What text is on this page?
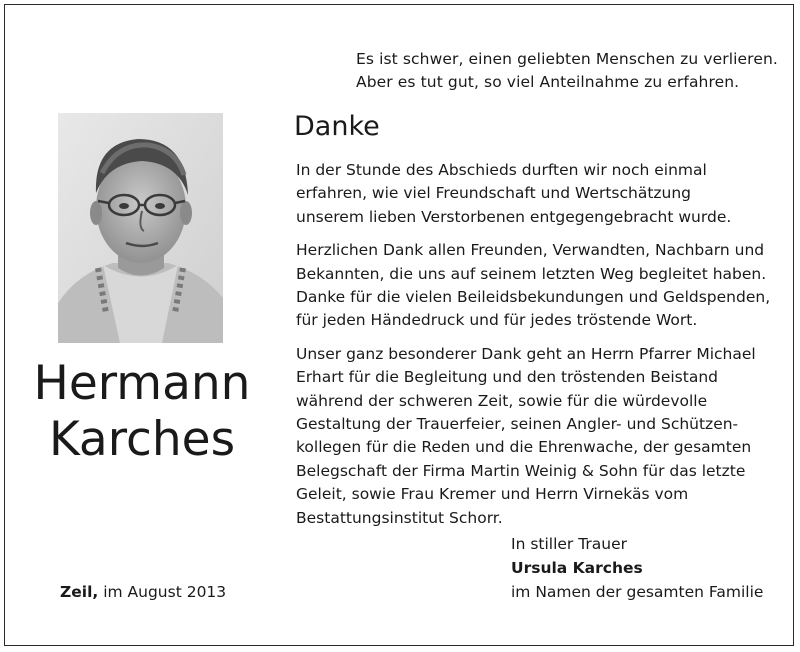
Es ist schwer, einen geliebten Menschen zu verlieren.
Aber es tut gut, so viel Anteilnahme zu erfahren.
Danke

In der Stunde des Abschieds durften wir noch einmal
erfahren, wie viel Freundschaft und Wertschätzung
unserem lieben Verstorbenen entgegengebracht wurde.

Herzlichen Dank allen Freunden, Verwandten, Nachbarn und
Bekannten, die uns auf seinem letzten Weg begleitet haben.
Danke für die vielen Beileidsbekundungen und Geldspenden,
für jeden Händedruck und für jedes tröstende Wort.

Unser ganz besonderer Dank geht an Herrn Pfarrer Michael
Erhart für die Begleitung und den tröstenden Beistand
während der schweren Zeit, sowie für die würdevolle
Gestaltung der Trauerfeier, seinen Angler- und Schützen-
kollegen für die Reden und die Ehrenwache, der gesamten
Belegschaft der Firma Martin Weinig & Sohn für das letzte
Geleit, sowie Frau Kremer und Herrn Virnekäs vom
Bestattungsinstitut Schorr.

Hermann
Karches
Zeil, im August 2013
In stiller Trauer
Ursula Karches
im Namen der gesamten Familie
